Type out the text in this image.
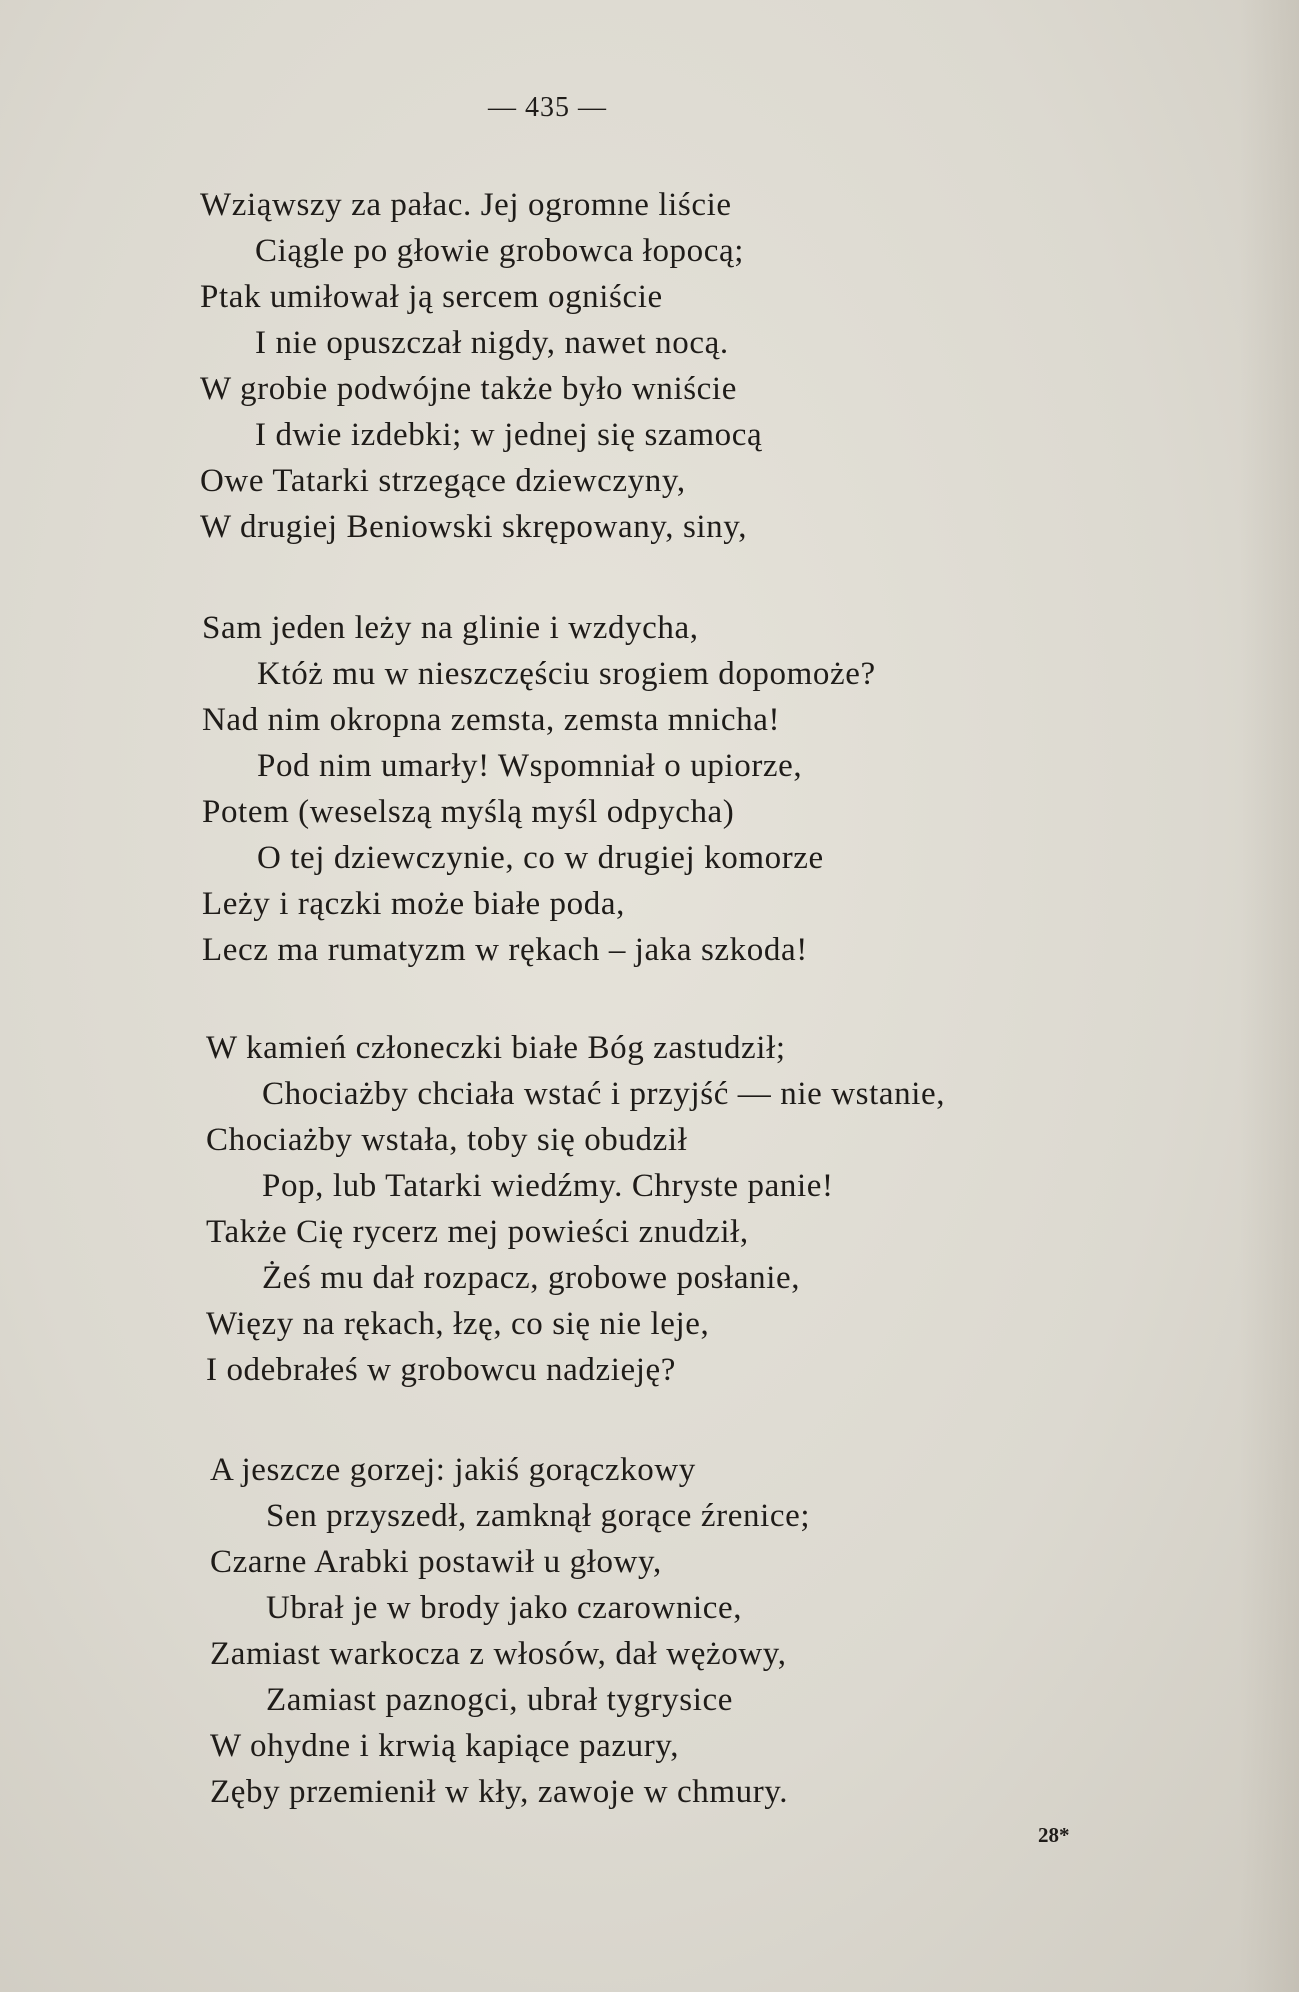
— 435 —
Wziąwszy za pałac. Jej ogromne liście
Ciągle po głowie grobowca łopocą;
Ptak umiłował ją sercem ogniście
I nie opuszczał nigdy, nawet nocą.
W grobie podwójne także było wniście
I dwie izdebki; w jednej się szamocą
Owe Tatarki strzegące dziewczyny,
W drugiej Beniowski skrępowany, siny,
Sam jeden leży na glinie i wzdycha,
Któż mu w nieszczęściu srogiem dopomoże?
Nad nim okropna zemsta, zemsta mnicha!
Pod nim umarły! Wspomniał o upiorze,
Potem (weselszą myślą myśl odpycha)
O tej dziewczynie, co w drugiej komorze
Leży i rączki może białe poda,
Lecz ma rumatyzm w rękach – jaka szkoda!
W kamień członeczki białe Bóg zastudził;
Chociażby chciała wstać i przyjść — nie wstanie,
Chociażby wstała, toby się obudził
Pop, lub Tatarki wiedźmy. Chryste panie!
Także Cię rycerz mej powieści znudził,
Żeś mu dał rozpacz, grobowe posłanie,
Więzy na rękach, łzę, co się nie leje,
I odebrałeś w grobowcu nadzieję?
A jeszcze gorzej: jakiś gorączkowy
Sen przyszedł, zamknął gorące źrenice;
Czarne Arabki postawił u głowy,
Ubrał je w brody jako czarownice,
Zamiast warkocza z włosów, dał wężowy,
Zamiast paznogci, ubrał tygrysice
W ohydne i krwią kapiące pazury,
Zęby przemienił w kły, zawoje w chmury.
28*
